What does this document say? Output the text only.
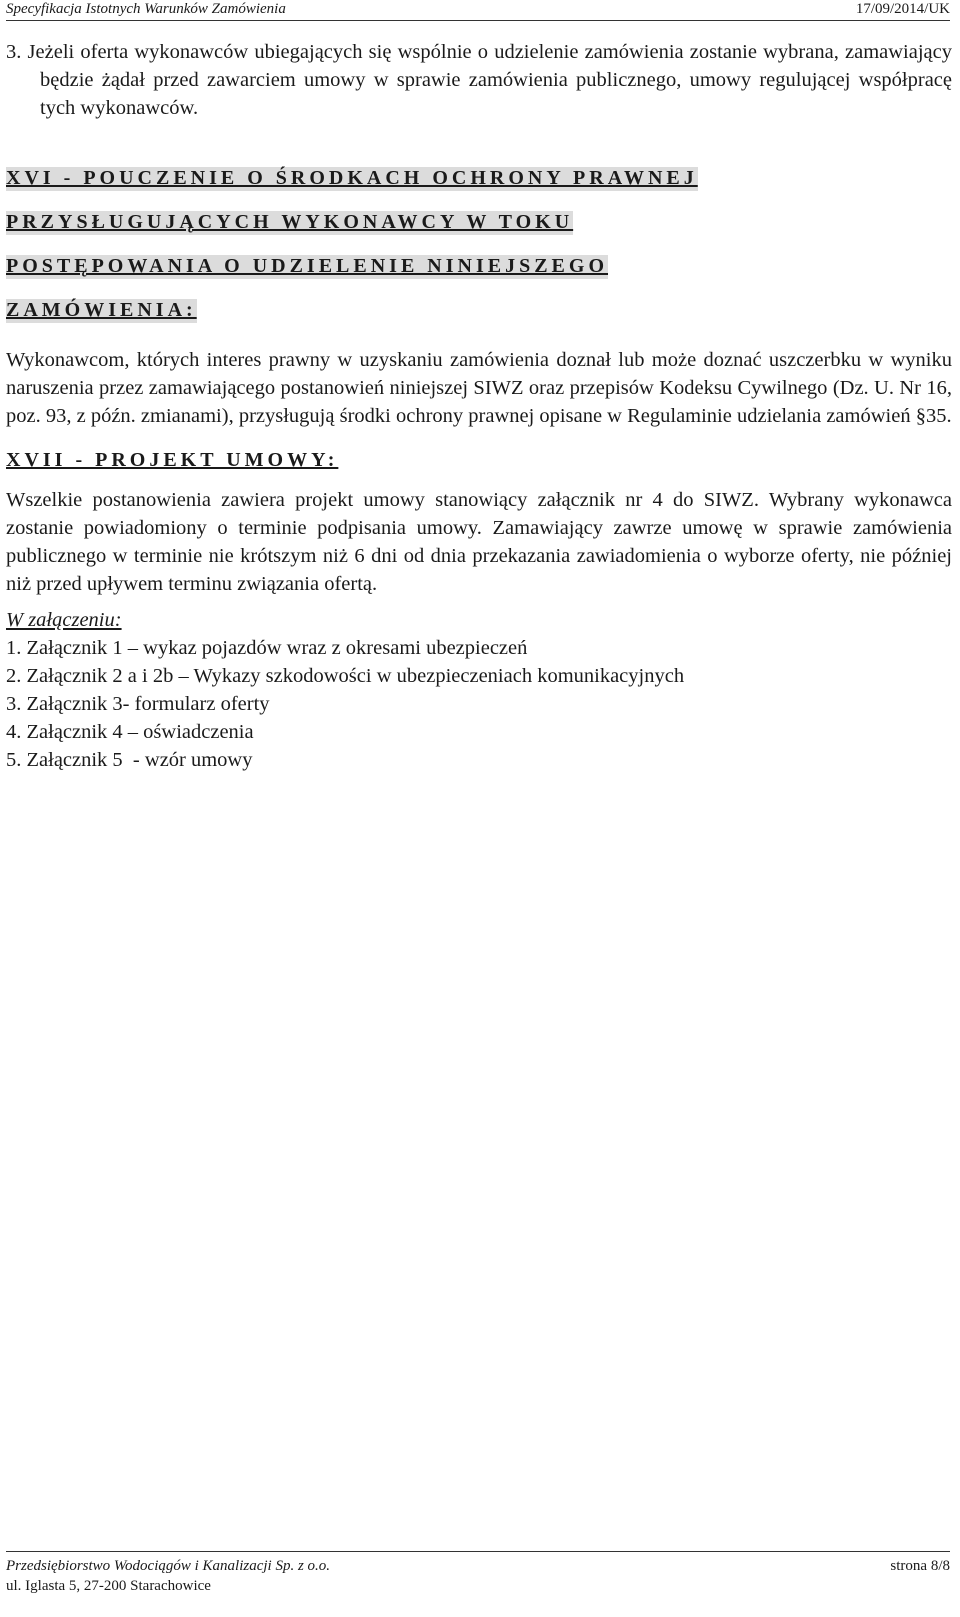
Specyfikacja Istotnych Warunków Zamówienia	17/09/2014/UK

3. Jeżeli oferta wykonawców ubiegających się wspólnie o udzielenie zamówienia zostanie wybrana, zamawiający będzie żądał przed zawarciem umowy w sprawie zamówienia publicznego, umowy regulującej współpracę tych wykonawców.

XVI - POUCZENIE O ŚRODKACH OCHRONY PRAWNEJ

PRZYSŁUGUJĄCYCH WYKONAWCY W TOKU

POSTĘPOWANIA O UDZIELENIE NINIEJSZEGO

ZAMÓWIENIA:

Wykonawcom, których interes prawny w uzyskaniu zamówienia doznał lub może doznać uszczerbku w wyniku naruszenia przez zamawiającego postanowień niniejszej SIWZ oraz przepisów Kodeksu Cywilnego (Dz. U. Nr 16, poz. 93, z późn. zmianami), przysługują środki ochrony prawnej opisane w Regulaminie udzielania zamówień §35.

XVII - PROJEKT UMOWY:

Wszelkie postanowienia zawiera projekt umowy stanowiący załącznik nr 4 do SIWZ. Wybrany wykonawca zostanie powiadomiony o terminie podpisania umowy. Zamawiający zawrze umowę w sprawie zamówienia publicznego w terminie nie krótszym niż 6 dni od dnia przekazania zawiadomienia o wyborze oferty, nie później niż przed upływem terminu związania ofertą.

W załączeniu:

1. Załącznik 1 – wykaz pojazdów wraz z okresami ubezpieczeń
2. Załącznik 2 a i 2b – Wykazy szkodowości w ubezpieczeniach komunikacyjnych
3. Załącznik 3- formularz oferty
4. Załącznik 4 – oświadczenia
5. Załącznik 5  - wzór umowy
Przedsiębiorstwo Wodociągów i Kanalizacji Sp. z o.o.
ul. Iglasta 5, 27-200 Starachowice
strona 8/8
